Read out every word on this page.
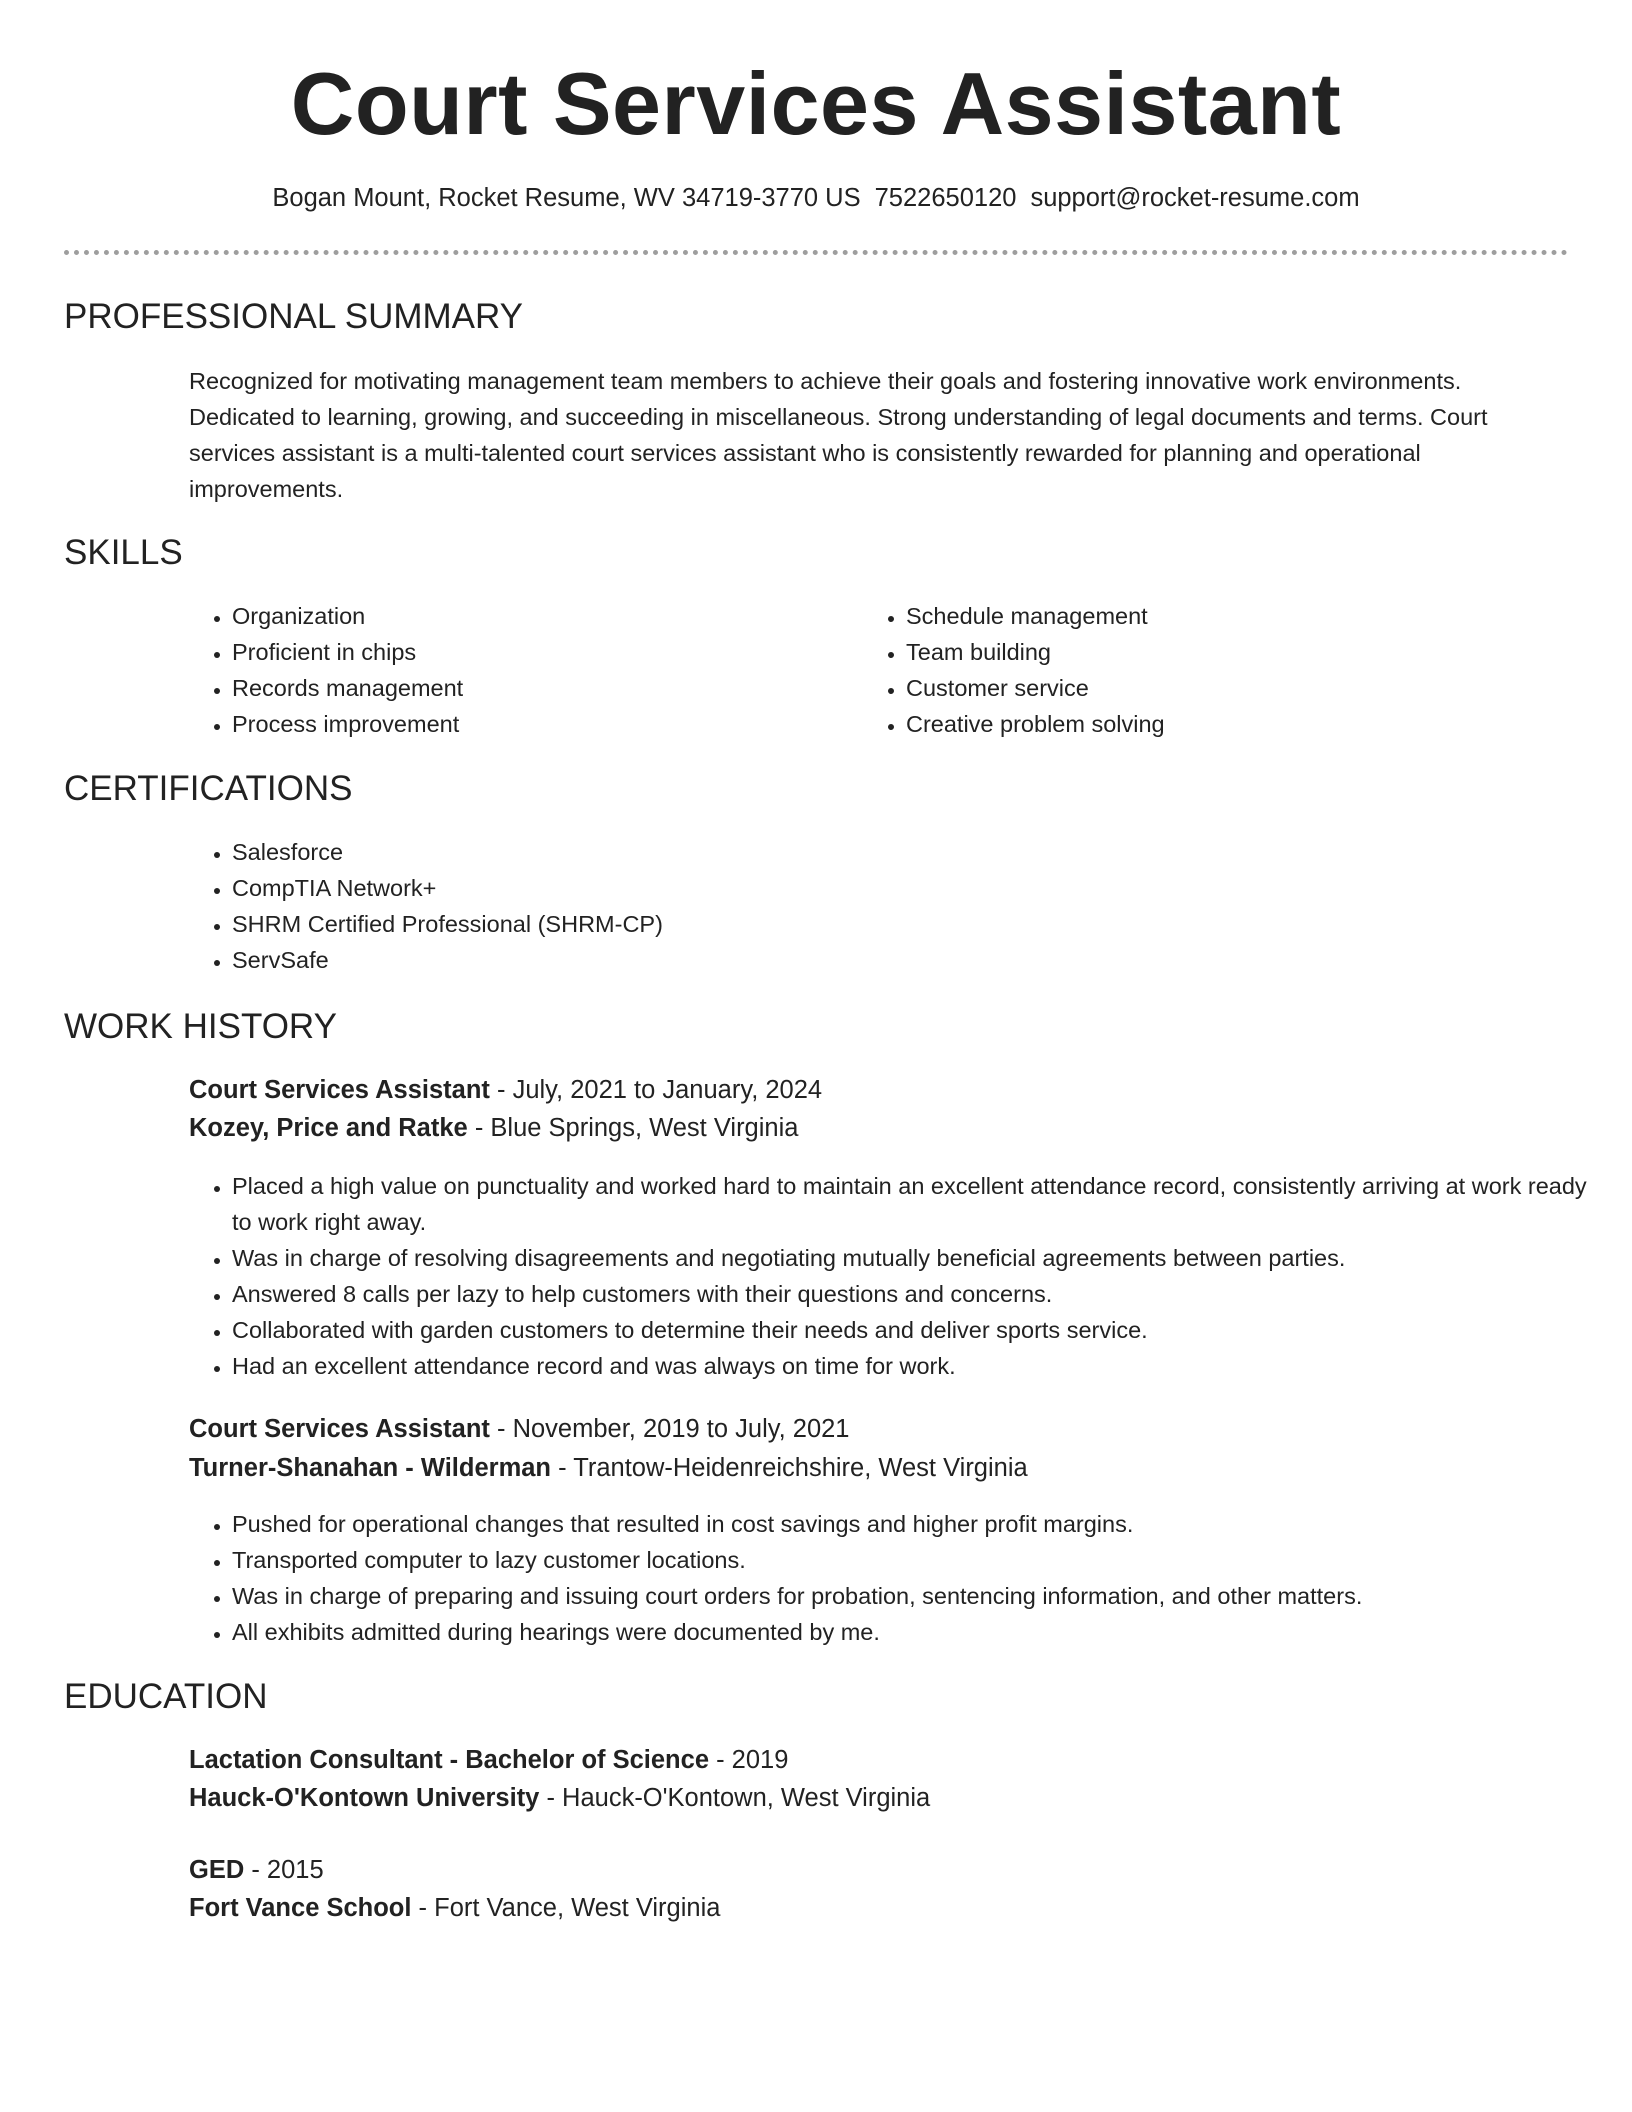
Court Services Assistant
Bogan Mount, Rocket Resume, WV 34719-3770 US 7522650120 support@rocket-resume.com
PROFESSIONAL SUMMARY

Recognized for motivating management team members to achieve their goals and fostering innovative work environments. Dedicated to learning, growing, and succeeding in miscellaneous. Strong understanding of legal documents and terms. Court services assistant is a multi-talented court services assistant who is consistently rewarded for planning and operational improvements.

SKILLS
• Organization
• Proficient in chips
• Records management
• Process improvement
• Schedule management
• Team building
• Customer service
• Creative problem solving
CERTIFICATIONS
• Salesforce
• CompTIA Network+
• SHRM Certified Professional (SHRM-CP)
• ServSafe
WORK HISTORY
Court Services Assistant - July, 2021 to January, 2024
Kozey, Price and Ratke - Blue Springs, West Virginia
• Placed a high value on punctuality and worked hard to maintain an excellent attendance record, consistently arriving at work ready to work right away.
• Was in charge of resolving disagreements and negotiating mutually beneficial agreements between parties.
• Answered 8 calls per lazy to help customers with their questions and concerns.
• Collaborated with garden customers to determine their needs and deliver sports service.
• Had an excellent attendance record and was always on time for work.
Court Services Assistant - November, 2019 to July, 2021
Turner-Shanahan - Wilderman - Trantow-Heidenreichshire, West Virginia
• Pushed for operational changes that resulted in cost savings and higher profit margins.
• Transported computer to lazy customer locations.
• Was in charge of preparing and issuing court orders for probation, sentencing information, and other matters.
• All exhibits admitted during hearings were documented by me.
EDUCATION
Lactation Consultant - Bachelor of Science - 2019
Hauck-O'Kontown University - Hauck-O'Kontown, West Virginia
GED - 2015
Fort Vance School - Fort Vance, West Virginia
